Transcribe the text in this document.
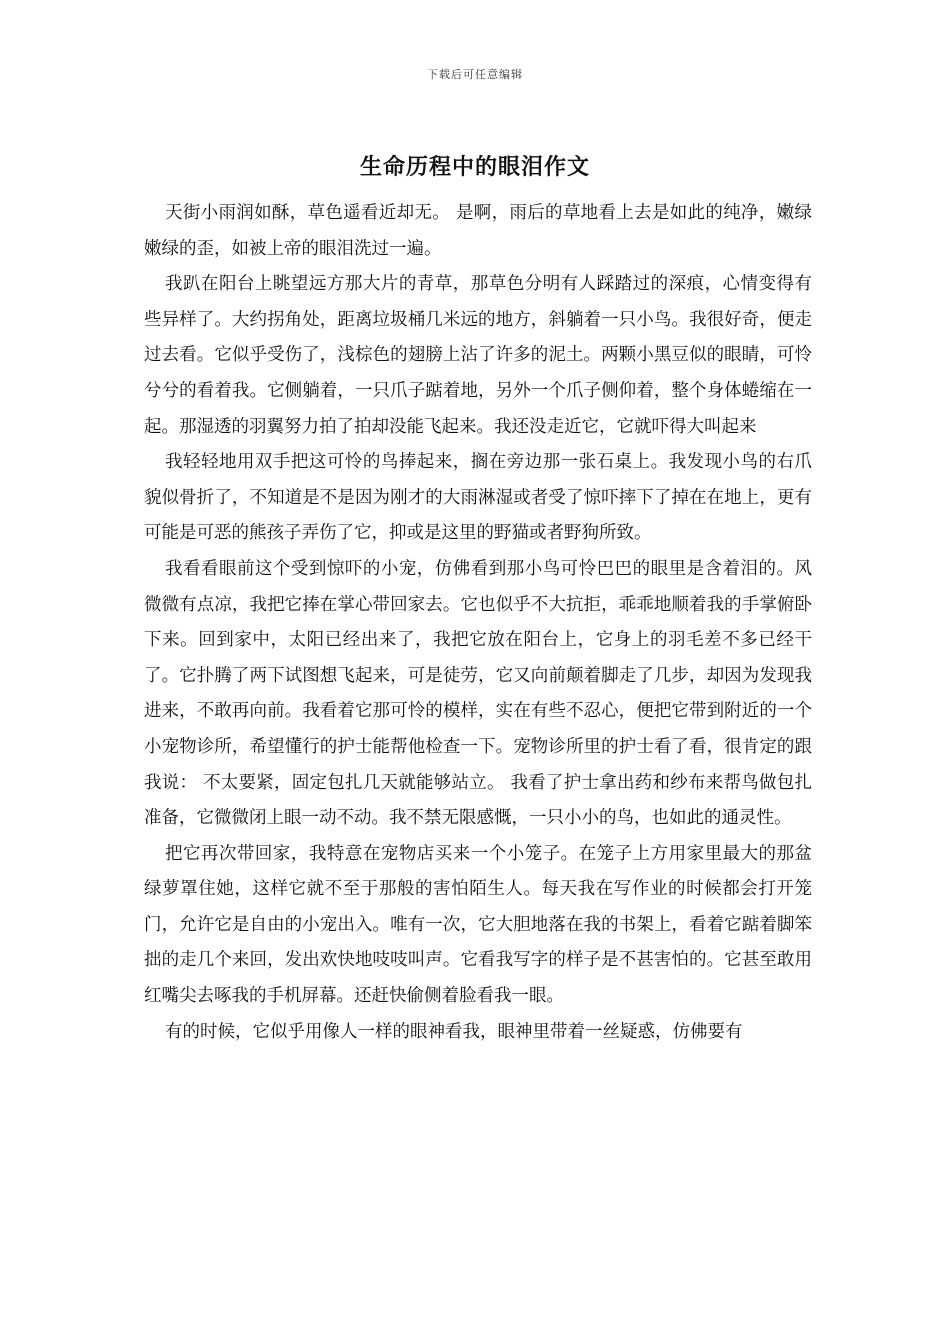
下载后可任意编辑
生命历程中的眼泪作文

天街小雨润如酥，草色遥看近却无。 是啊，雨后的草地看上去是如此的纯净，嫩绿嫩绿的歪，如被上帝的眼泪洗过一遍。

我趴在阳台上眺望远方那大片的青草，那草色分明有人踩踏过的深痕，心情变得有些异样了。大约拐角处，距离垃圾桶几米远的地方，斜躺着一只小鸟。我很好奇，便走过去看。它似乎受伤了，浅棕色的翅膀上沾了许多的泥土。两颗小黑豆似的眼睛，可怜兮兮的看着我。它侧躺着，一只爪子踮着地，另外一个爪子侧仰着，整个身体蜷缩在一起。那湿透的羽翼努力拍了拍却没能飞起来。我还没走近它，它就吓得大叫起来

我轻轻地用双手把这可怜的鸟捧起来，搁在旁边那一张石桌上。我发现小鸟的右爪貌似骨折了，不知道是不是因为刚才的大雨淋湿或者受了惊吓摔下了掉在在地上，更有可能是可恶的熊孩子弄伤了它，抑或是这里的野猫或者野狗所致。

我看看眼前这个受到惊吓的小宠，仿佛看到那小鸟可怜巴巴的眼里是含着泪的。风微微有点凉，我把它捧在掌心带回家去。它也似乎不大抗拒，乖乖地顺着我的手掌俯卧下来。回到家中，太阳已经出来了，我把它放在阳台上，它身上的羽毛差不多已经干了。它扑腾了两下试图想飞起来，可是徒劳，它又向前颠着脚走了几步，却因为发现我进来，不敢再向前。我看着它那可怜的模样，实在有些不忍心，便把它带到附近的一个小宠物诊所，希望懂行的护士能帮他检查一下。宠物诊所里的护士看了看，很肯定的跟我说： 不太要紧，固定包扎几天就能够站立。 我看了护士拿出药和纱布来帮鸟做包扎准备，它微微闭上眼一动不动。我不禁无限感慨，一只小小的鸟，也如此的通灵性。

把它再次带回家，我特意在宠物店买来一个小笼子。在笼子上方用家里最大的那盆绿萝罩住她，这样它就不至于那般的害怕陌生人。每天我在写作业的时候都会打开笼门，允许它是自由的小宠出入。唯有一次，它大胆地落在我的书架上，看着它踮着脚笨拙的走几个来回，发出欢快地吱吱叫声。它看我写字的样子是不甚害怕的。它甚至敢用红嘴尖去啄我的手机屏幕。还赶快偷侧着脸看我一眼。

有的时候，它似乎用像人一样的眼神看我，眼神里带着一丝疑惑，仿佛要有
